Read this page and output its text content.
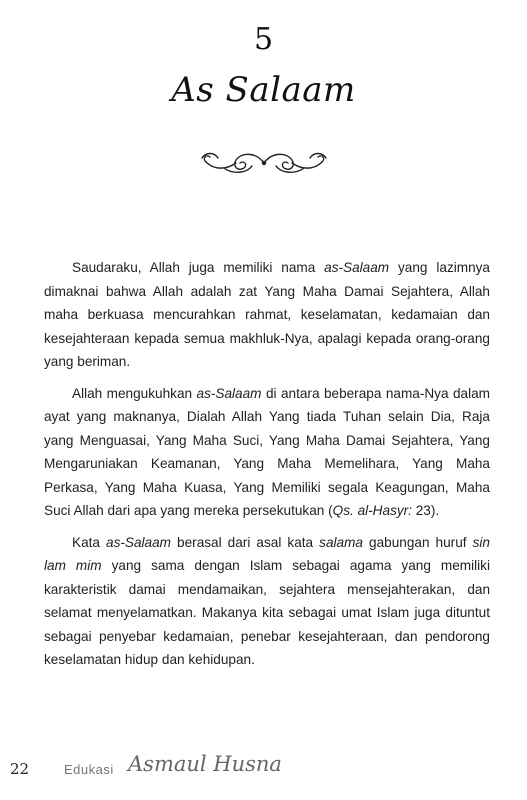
5
As Salaam

Saudaraku, Allah juga memiliki nama as-Salaam yang lazimnya dimaknai bahwa Allah adalah zat Yang Maha Damai Sejahtera, Allah maha berkuasa mencurahkan rahmat, keselamatan, kedamaian dan kesejahteraan kepada semua makhluk-Nya, apalagi kepada orang-orang yang beriman.

Allah mengukuhkan as-Salaam di antara beberapa nama-Nya dalam ayat yang maknanya, Dialah Allah Yang tiada Tuhan selain Dia, Raja yang Menguasai, Yang Maha Suci, Yang Maha Damai Sejahtera, Yang Mengaruniakan Keamanan, Yang Maha Memelihara, Yang Maha Perkasa, Yang Maha Kuasa, Yang Memiliki segala Keagungan, Maha Suci Allah dari apa yang mereka persekutukan (Qs. al-Hasyr: 23).

Kata as-Salaam berasal dari asal kata salama gabungan huruf sin lam mim yang sama dengan Islam sebagai agama yang memiliki karakteristik damai mendamaikan, sejahtera mensejahterakan, dan selamat menyelamatkan. Makanya kita sebagai umat Islam juga dituntut sebagai penyebar kedamaian, penebar kesejahteraan, dan pendorong keselamatan hidup dan kehidupan.

22	Edukasi Asmaul Husna
